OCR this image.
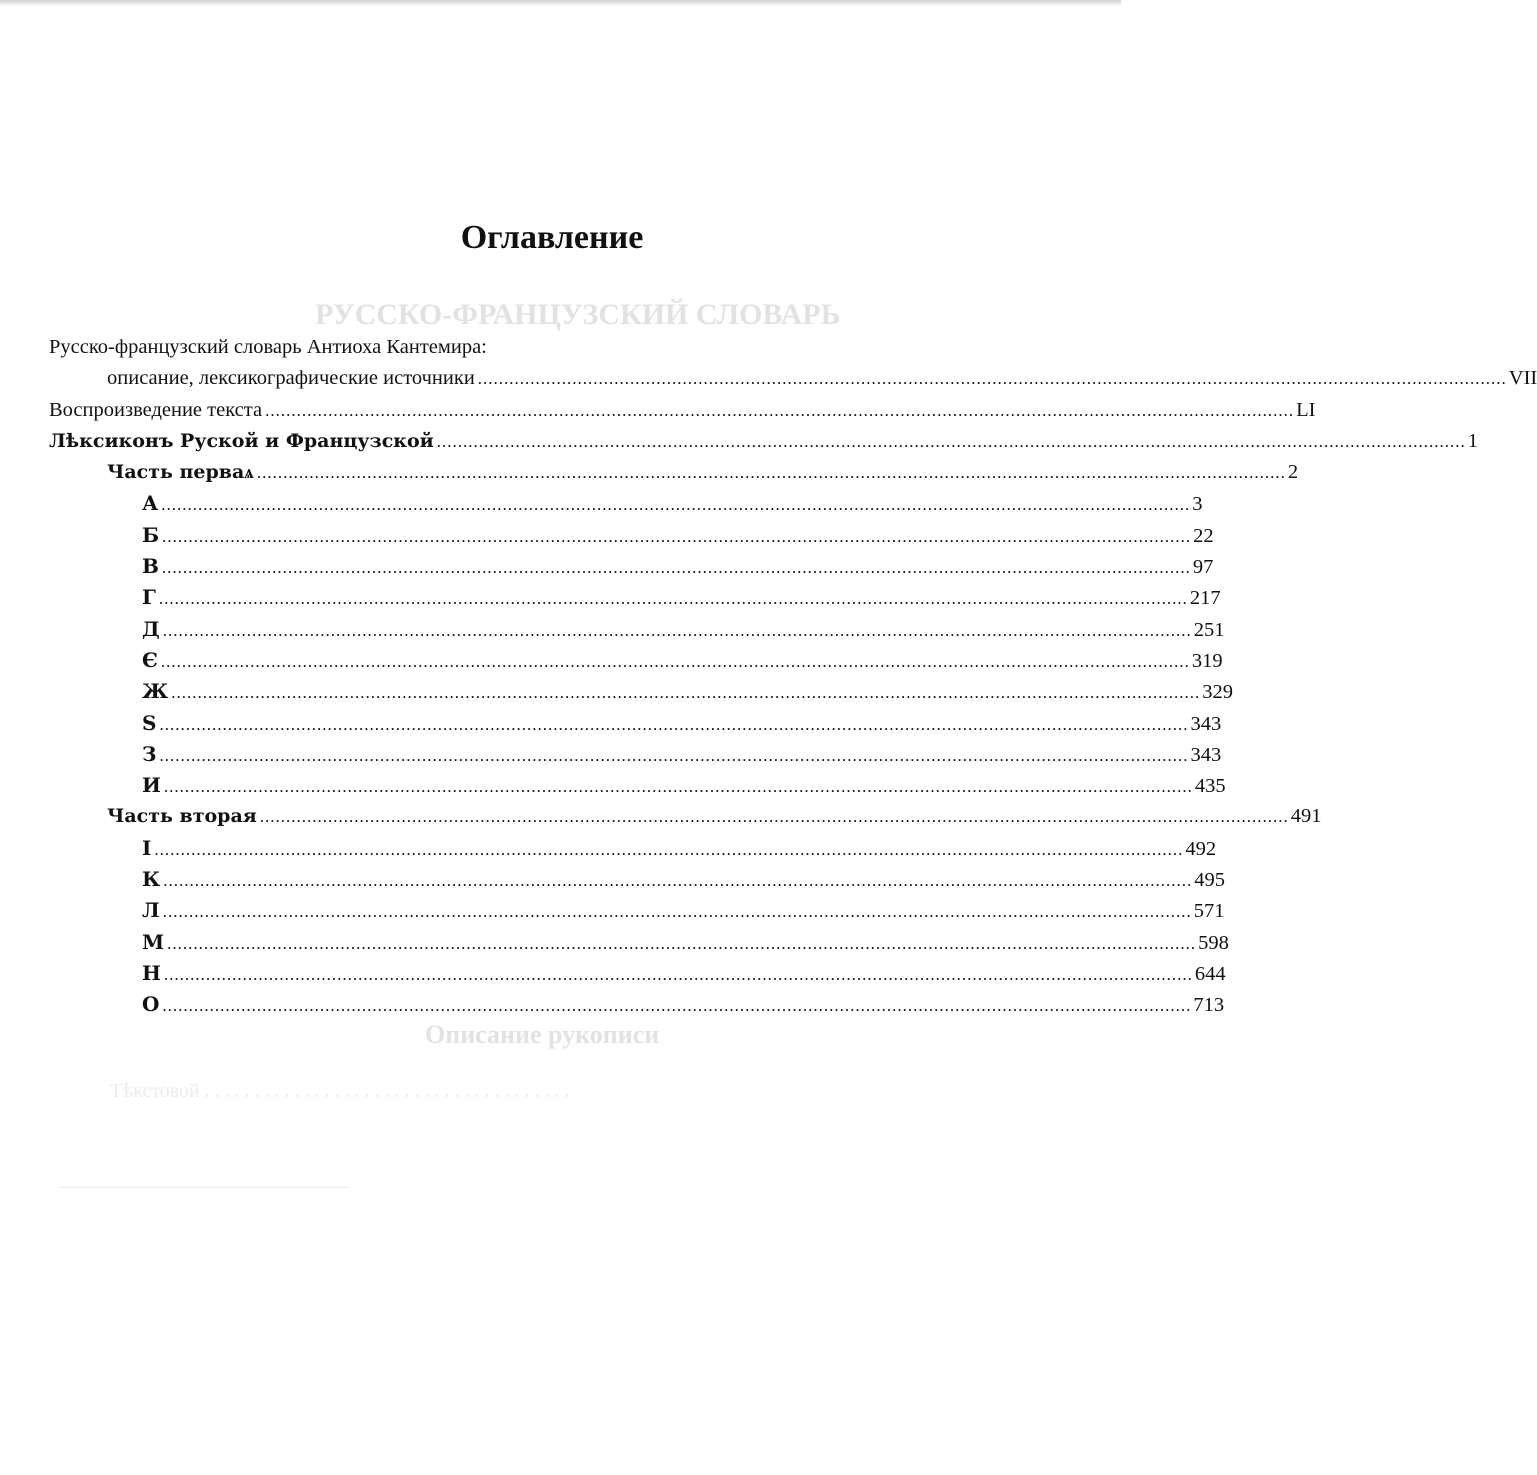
РУССКО-ФРАНЦУЗСКИЙ СЛОВАРЬ
Описание рукописи
Тѣкстовой . . . . . . . . . . . . . . . . . . . . . . . . . . . . . . . . . . . . .
Оглавление
Русско-французский словарь Антиоха Кантемира:
описание, лексикографические источники .................................................................................................................................................................................................... VII
Воспроизведение текста .................................................................................................................................................................................................... LI
Лѣксиконъ Руской и Французской .................................................................................................................................................................................................... 1
Часть перваѧ .................................................................................................................................................................................................... 2
А .................................................................................................................................................................................................... 3
Б .................................................................................................................................................................................................... 22
В .................................................................................................................................................................................................... 97
Г .................................................................................................................................................................................................... 217
Д .................................................................................................................................................................................................... 251
Є .................................................................................................................................................................................................... 319
Ж .................................................................................................................................................................................................... 329
Ѕ .................................................................................................................................................................................................... 343
З .................................................................................................................................................................................................... 343
И .................................................................................................................................................................................................... 435
Часть вторая .................................................................................................................................................................................................... 491
І .................................................................................................................................................................................................... 492
К .................................................................................................................................................................................................... 495
Л .................................................................................................................................................................................................... 571
М .................................................................................................................................................................................................... 598
Н .................................................................................................................................................................................................... 644
О .................................................................................................................................................................................................... 713
